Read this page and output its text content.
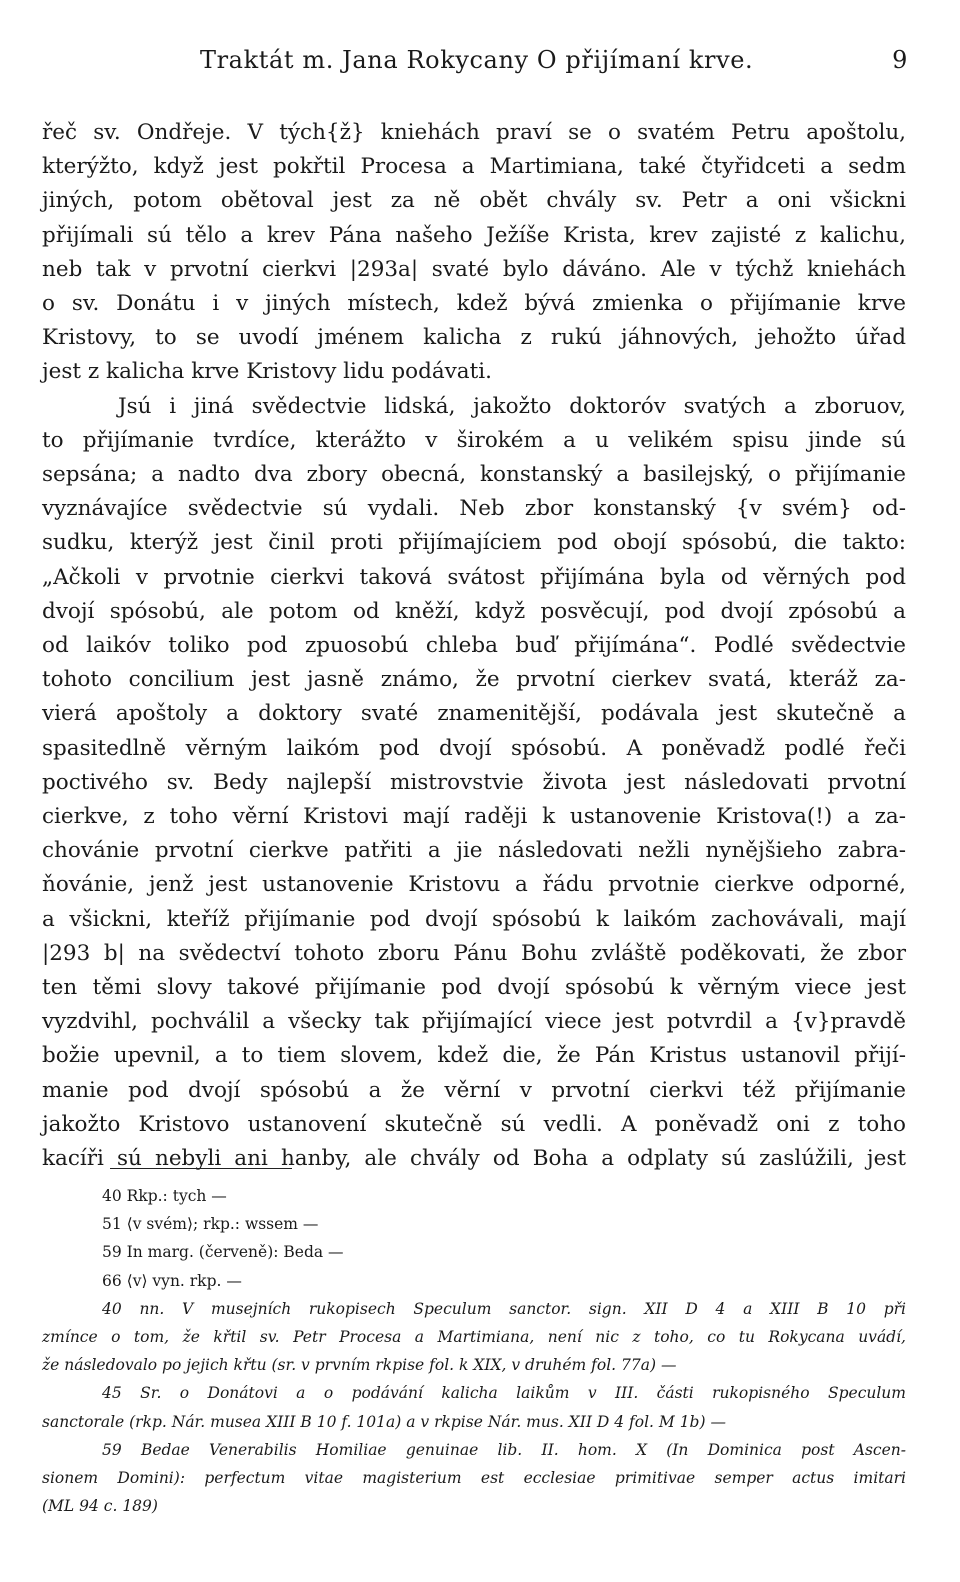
Traktát m. Jana Rokycany O přijímaní krve.	9
řeč sv. Ondřeje. V tých{ž} kniehách praví se o svatém Petru apoštolu,
kterýžto, když jest pokřtil Procesa a Martimiana, také čtyřidceti a sedm
jiných, potom obětoval jest za ně obět chvály sv. Petr a oni všickni
přijímali sú tělo a krev Pána našeho Ježíše Krista, krev zajisté z kalichu,
neb tak v prvotní cierkvi |293a| svaté bylo dáváno. Ale v týchž kniehách
o sv. Donátu i v jiných místech, kdež bývá zmienka o přijímanie krve
Kristovy, to se uvodí jménem kalicha z rukú jáhnových, jehožto úřad
jest z kalicha krve Kristovy lidu podávati.
Jsú i jiná svědectvie lidská, jakožto doktoróv svatých a zboruov,
to přijímanie tvrdíce, kterážto v širokém a u velikém spisu jinde sú
sepsána; a nadto dva zbory obecná, konstanský a basilejský, o přijímanie
vyznávajíce svědectvie sú vydali. Neb zbor konstanský {v svém} od-
sudku, kterýž jest činil proti přijímajíciem pod obojí spósobú, die takto:
„Ačkoli v prvotnie cierkvi taková svátost přijímána byla od věrných pod
dvojí spósobú, ale potom od kněží, když posvěcují, pod dvojí zpósobú a
od laikóv toliko pod zpuosobú chleba buď přijímána“. Podlé svědectvie
tohoto concilium jest jasně známo, že prvotní cierkev svatá, kteráž za-
vierá apoštoly a doktory svaté znamenitější, podávala jest skutečně a
spasitedlně věrným laikóm pod dvojí spósobú. A poněvadž podlé řeči
poctivého sv. Bedy najlepší mistrovstvie života jest následovati prvotní
cierkve, z toho věrní Kristovi mají raději k ustanovenie Kristova(!) a za-
chovánie prvotní cierkve patřiti a jie následovati nežli nynějšieho zabra-
ňovánie, jenž jest ustanovenie Kristovu a řádu prvotnie cierkve odporné,
a všickni, kteříž přijímanie pod dvojí spósobú k laikóm zachovávali, mají
|293 b| na svědectví tohoto zboru Pánu Bohu zvláště poděkovati, že zbor
ten těmi slovy takové přijímanie pod dvojí spósobú k věrným viece jest
vyzdvihl, pochválil a všecky tak přijímající viece jest potvrdil a {v}pravdě
božie upevnil, a to tiem slovem, kdež die, že Pán Kristus ustanovil přijí-
manie pod dvojí spósobú a že věrní v prvotní cierkvi též přijímanie
jakožto Kristovo ustanovení skutečně sú vedli. A poněvadž oni z toho
kacíři sú nebyli ani hanby, ale chvály od Boha a odplaty sú zaslúžili, jest
40 Rkp.: tych —
51 ⟨v svém⟩; rkp.: wssem —
59 In marg. (červeně): Beda —
66 ⟨v⟩ vyn. rkp. —
40 nn. V musejních rukopisech Speculum sanctor. sign. XII D 4 a XIII B 10 při
zmínce o tom, že křtil sv. Petr Procesa a Martimiana, není nic z toho, co tu Rokycana uvádí,
že následovalo po jejich křtu (sr. v prvním rkpise fol. k XIX, v druhém fol. 77a) —
45 Sr. o Donátovi a o podávání kalicha laikům v III. části rukopisného Speculum
sanctorale (rkp. Nár. musea XIII B 10 f. 101a) a v rkpise Nár. mus. XII D 4 fol. M 1b) —
59 Bedae Venerabilis Homiliae genuinae lib. II. hom. X (In Dominica post Ascen-
sionem Domini): perfectum vitae magisterium est ecclesiae primitivae semper actus imitari
(ML 94 c. 189)
